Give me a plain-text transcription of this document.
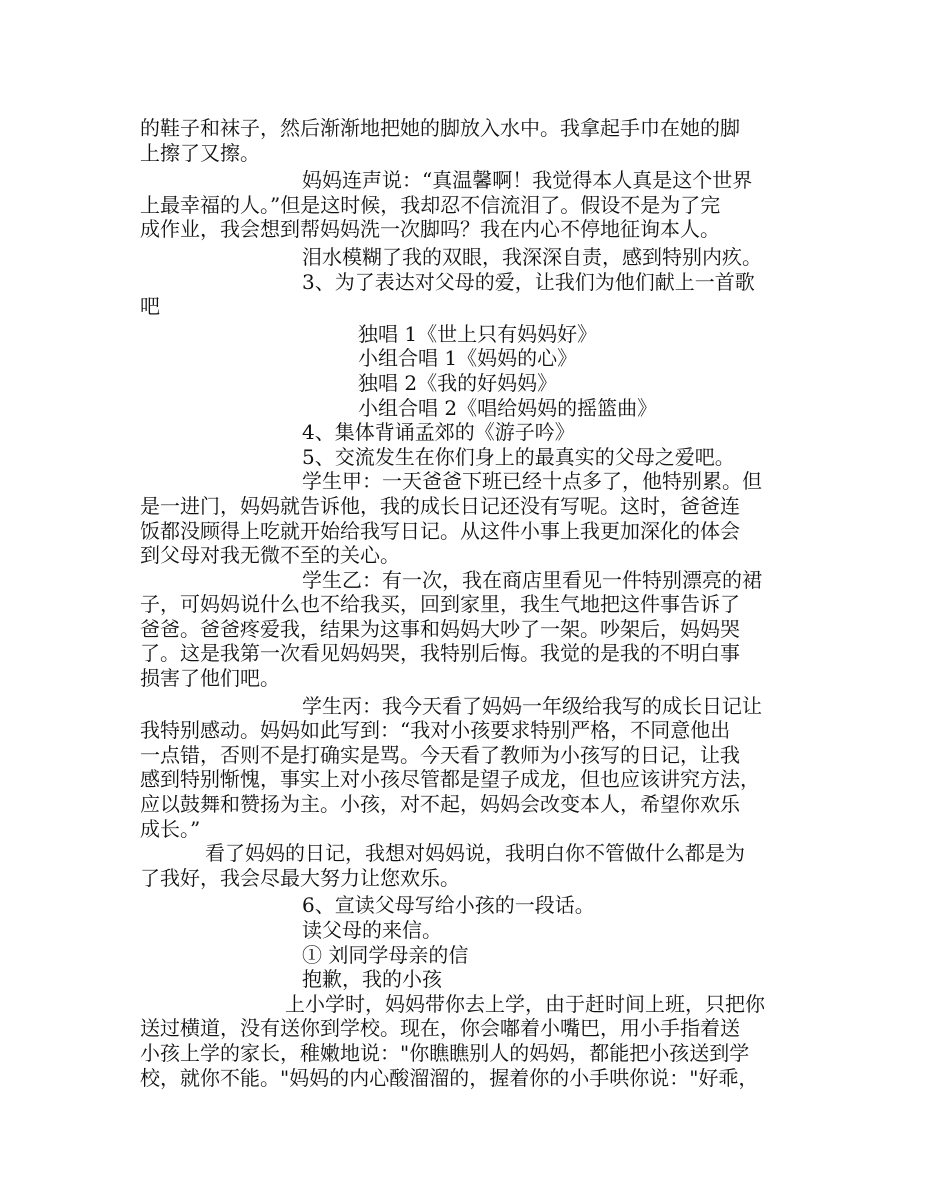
的鞋子和袜子，然后渐渐地把她的脚放入水中。我拿起手巾在她的脚
上擦了又擦。
妈妈连声说：“真温馨啊！我觉得本人真是这个世界
上最幸福的人。”但是这时候，我却忍不信流泪了。假设不是为了完
成作业，我会想到帮妈妈洗一次脚吗？我在内心不停地征询本人。
泪水模糊了我的双眼，我深深自责，感到特别内疚。
3、为了表达对父母的爱，让我们为他们献上一首歌
吧
独唱 1《世上只有妈妈好》
小组合唱 1《妈妈的心》
独唱 2《我的好妈妈》
小组合唱 2《唱给妈妈的摇篮曲》
4、集体背诵孟郊的《游子吟》
5、交流发生在你们身上的最真实的父母之爱吧。
学生甲：一天爸爸下班已经十点多了，他特别累。但
是一进门，妈妈就告诉他，我的成长日记还没有写呢。这时，爸爸连
饭都没顾得上吃就开始给我写日记。从这件小事上我更加深化的体会
到父母对我无微不至的关心。
学生乙：有一次，我在商店里看见一件特别漂亮的裙
子，可妈妈说什么也不给我买，回到家里，我生气地把这件事告诉了
爸爸。爸爸疼爱我，结果为这事和妈妈大吵了一架。吵架后，妈妈哭
了。这是我第一次看见妈妈哭，我特别后悔。我觉的是我的不明白事
损害了他们吧。
学生丙：我今天看了妈妈一年级给我写的成长日记让
我特别感动。妈妈如此写到：“我对小孩要求特别严格，不同意他出
一点错，否则不是打确实是骂。今天看了教师为小孩写的日记，让我
感到特别惭愧，事实上对小孩尽管都是望子成龙，但也应该讲究方法，
应以鼓舞和赞扬为主。小孩，对不起，妈妈会改变本人，希望你欢乐
成长。”
看了妈妈的日记，我想对妈妈说，我明白你不管做什么都是为
了我好，我会尽最大努力让您欢乐。
6、宣读父母写给小孩的一段话。
读父母的来信。
① 刘同学母亲的信
抱歉，我的小孩
上小学时，妈妈带你去上学，由于赶时间上班，只把你
送过横道，没有送你到学校。现在，你会嘟着小嘴巴，用小手指着送
小孩上学的家长，稚嫩地说："你瞧瞧别人的妈妈，都能把小孩送到学
校，就你不能。"妈妈的内心酸溜溜的，握着你的小手哄你说："好乖，
